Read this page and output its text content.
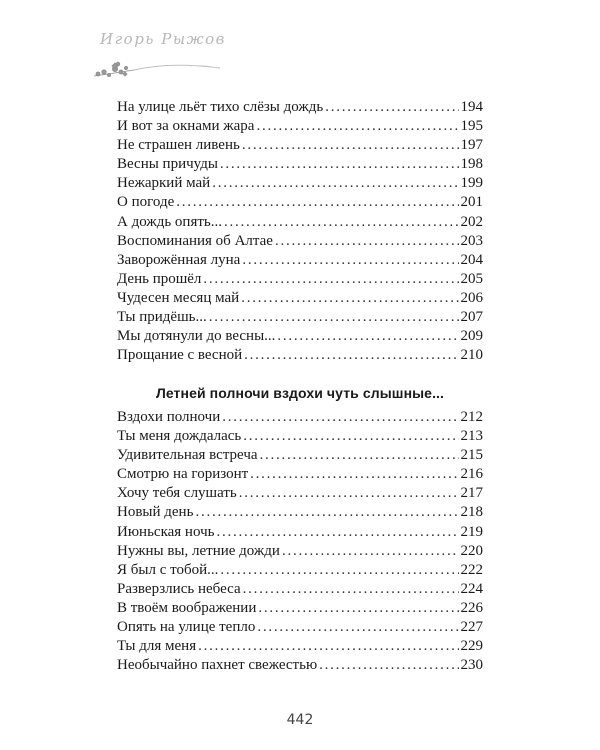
Игорь Рыжов
На улице льёт тихо слёзы дождь . . .	194
И вот за окнами жара . . .	195
Не страшен ливень . . .	197
Весны причуды . . .	198
Нежаркий май . . .	199
О погоде . . .	201
А дождь опять... . . .	202
Воспоминания об Алтае . . .	203
Заворожённая луна . . .	204
День прошёл . . .	205
Чудесен месяц май . . .	206
Ты придёшь... . . .	207
Мы дотянули до весны... . . .	209
Прощание с весной . . .	210
Летней полночи вздохи чуть слышные...
Вздохи полночи . . .	212
Ты меня дождалась . . .	213
Удивительная встреча . . .	215
Смотрю на горизонт . . .	216
Хочу тебя слушать . . .	217
Новый день . . .	218
Июньская ночь . . .	219
Нужны вы, летние дожди . . .	220
Я был с тобой... . . .	222
Разверзлись небеса . . .	224
В твоём воображении . . .	226
Опять на улице тепло . . .	227
Ты для меня . . .	229
Необычайно пахнет свежестью . . .	230
442
